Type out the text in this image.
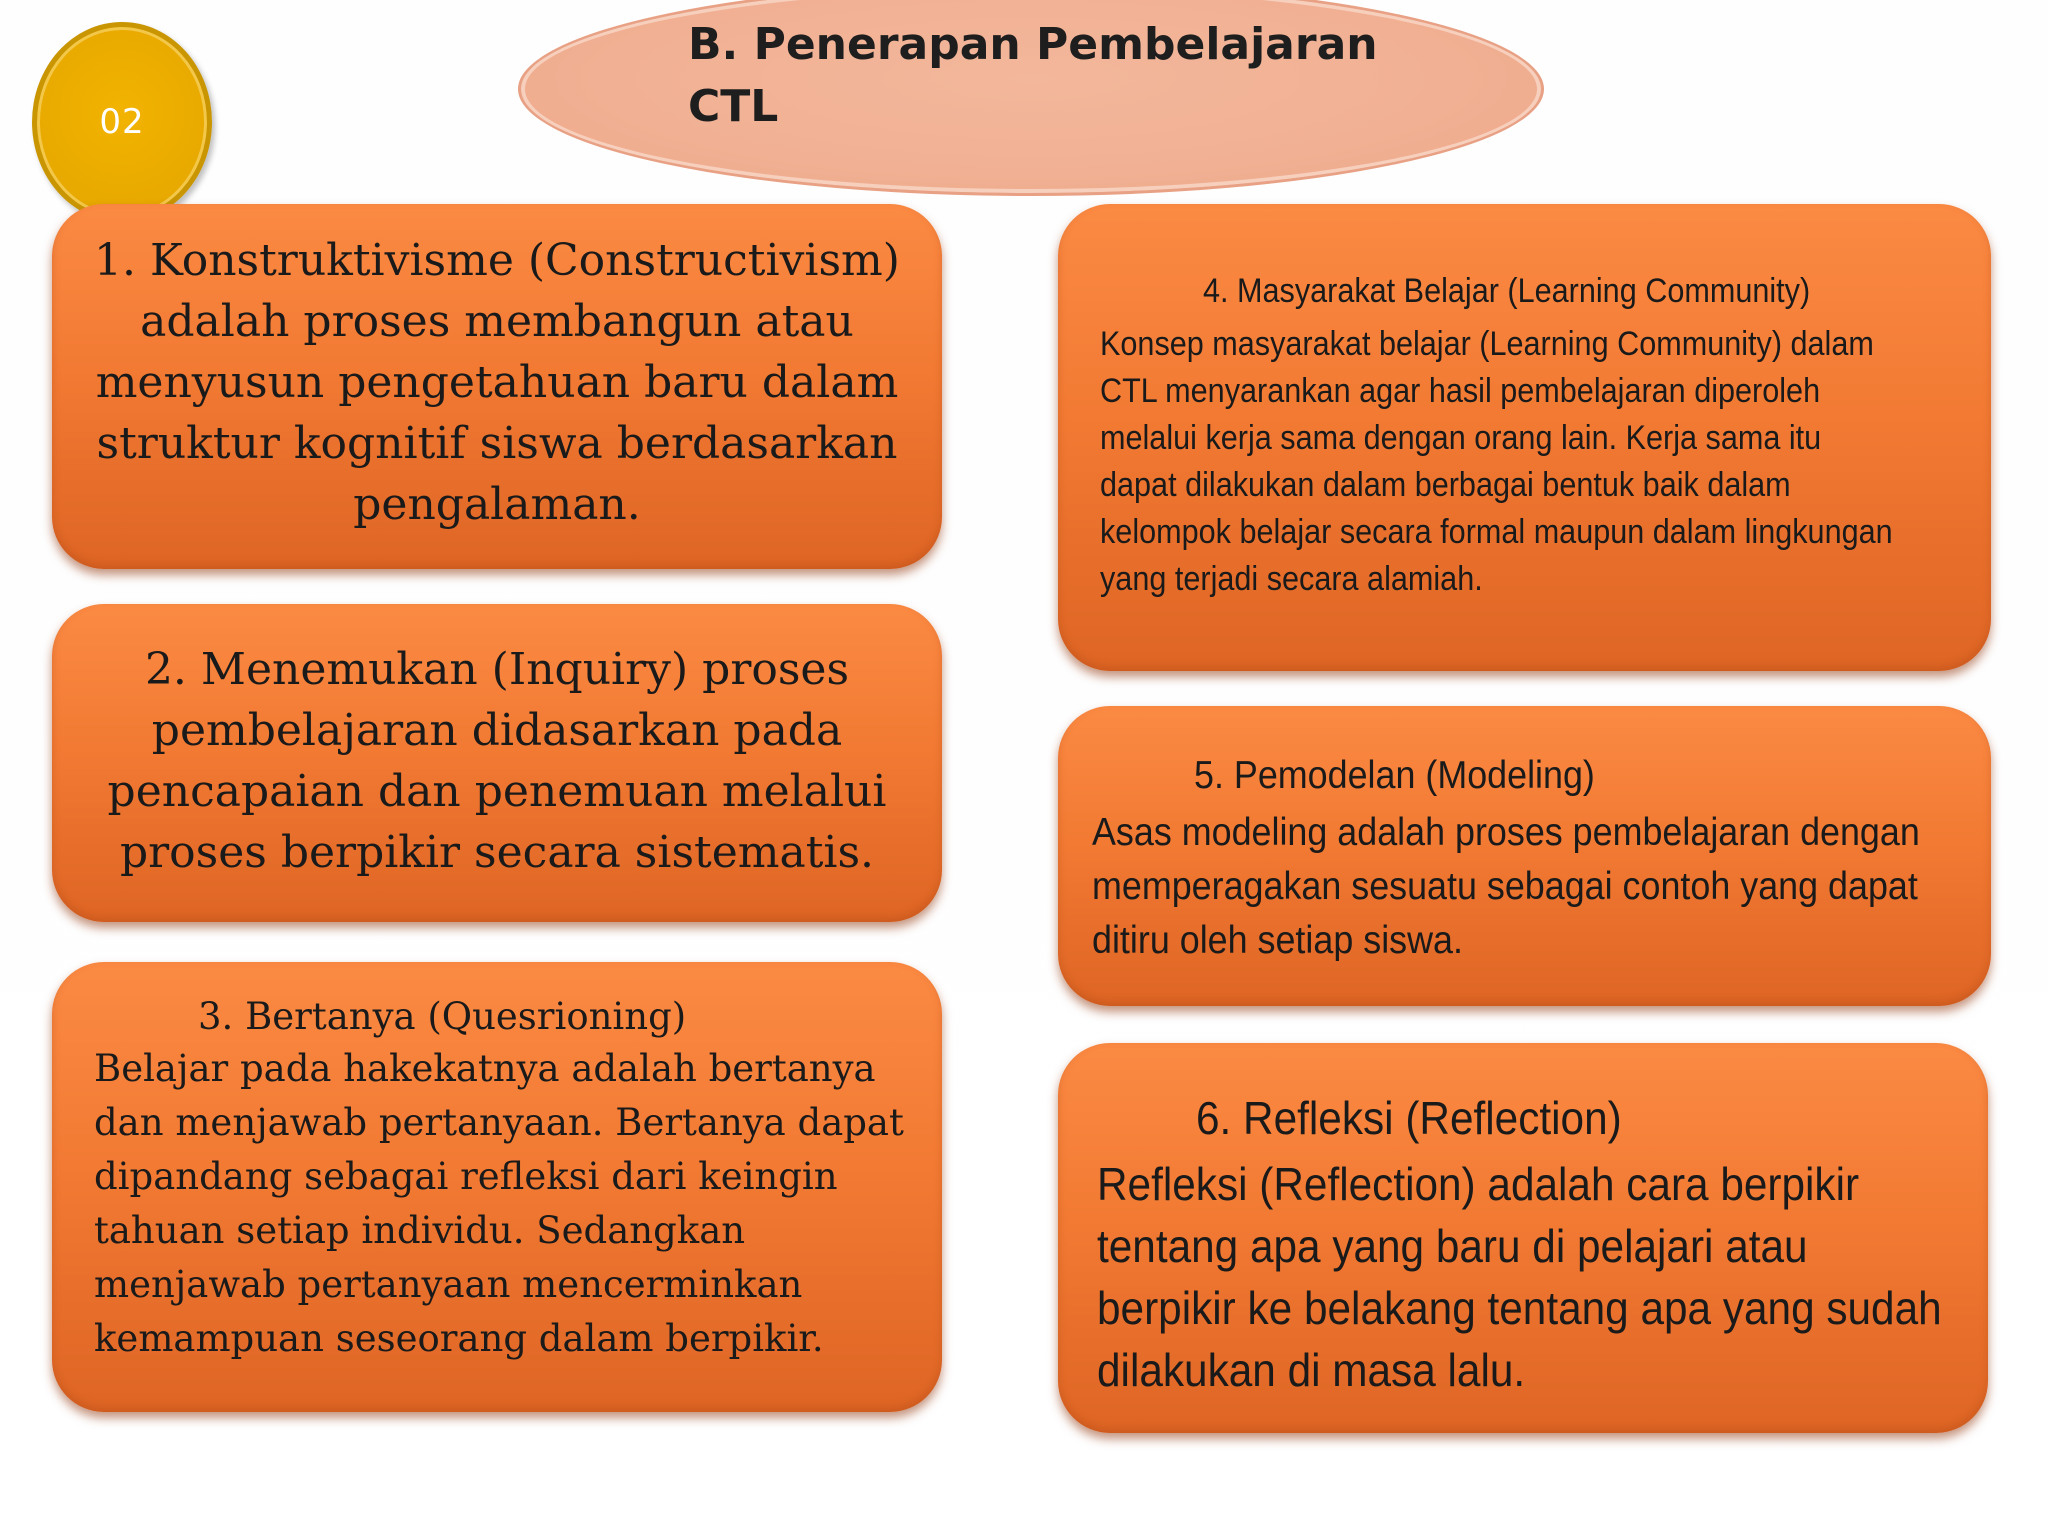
B. Penerapan Pembelajaran
CTL
02

1. Konstruktivisme (Constructivism)
adalah proses membangun atau
menyusun pengetahuan baru dalam
struktur kognitif siswa berdasarkan
pengalaman.

2. Menemukan (Inquiry) proses
pembelajaran didasarkan pada
pencapaian dan penemuan melalui
proses berpikir secara sistematis.

3. Bertanya (Quesrioning)

Belajar pada hakekatnya adalah bertanya
dan menjawab pertanyaan. Bertanya dapat
dipandang sebagai refleksi dari keingin
tahuan setiap individu. Sedangkan
menjawab pertanyaan mencerminkan
kemampuan seseorang dalam berpikir.

4. Masyarakat Belajar (Learning Community)

Konsep masyarakat belajar (Learning Community) dalam
CTL menyarankan agar hasil pembelajaran diperoleh
melalui kerja sama dengan orang lain. Kerja sama itu
dapat dilakukan dalam berbagai bentuk baik dalam
kelompok belajar secara formal maupun dalam lingkungan
yang terjadi secara alamiah.

5. Pemodelan (Modeling)

Asas modeling adalah proses pembelajaran dengan
memperagakan sesuatu sebagai contoh yang dapat
ditiru oleh setiap siswa.

6. Refleksi (Reflection)

Refleksi (Reflection) adalah cara berpikir
tentang apa yang baru di pelajari atau
berpikir ke belakang tentang apa yang sudah
dilakukan di masa lalu.
